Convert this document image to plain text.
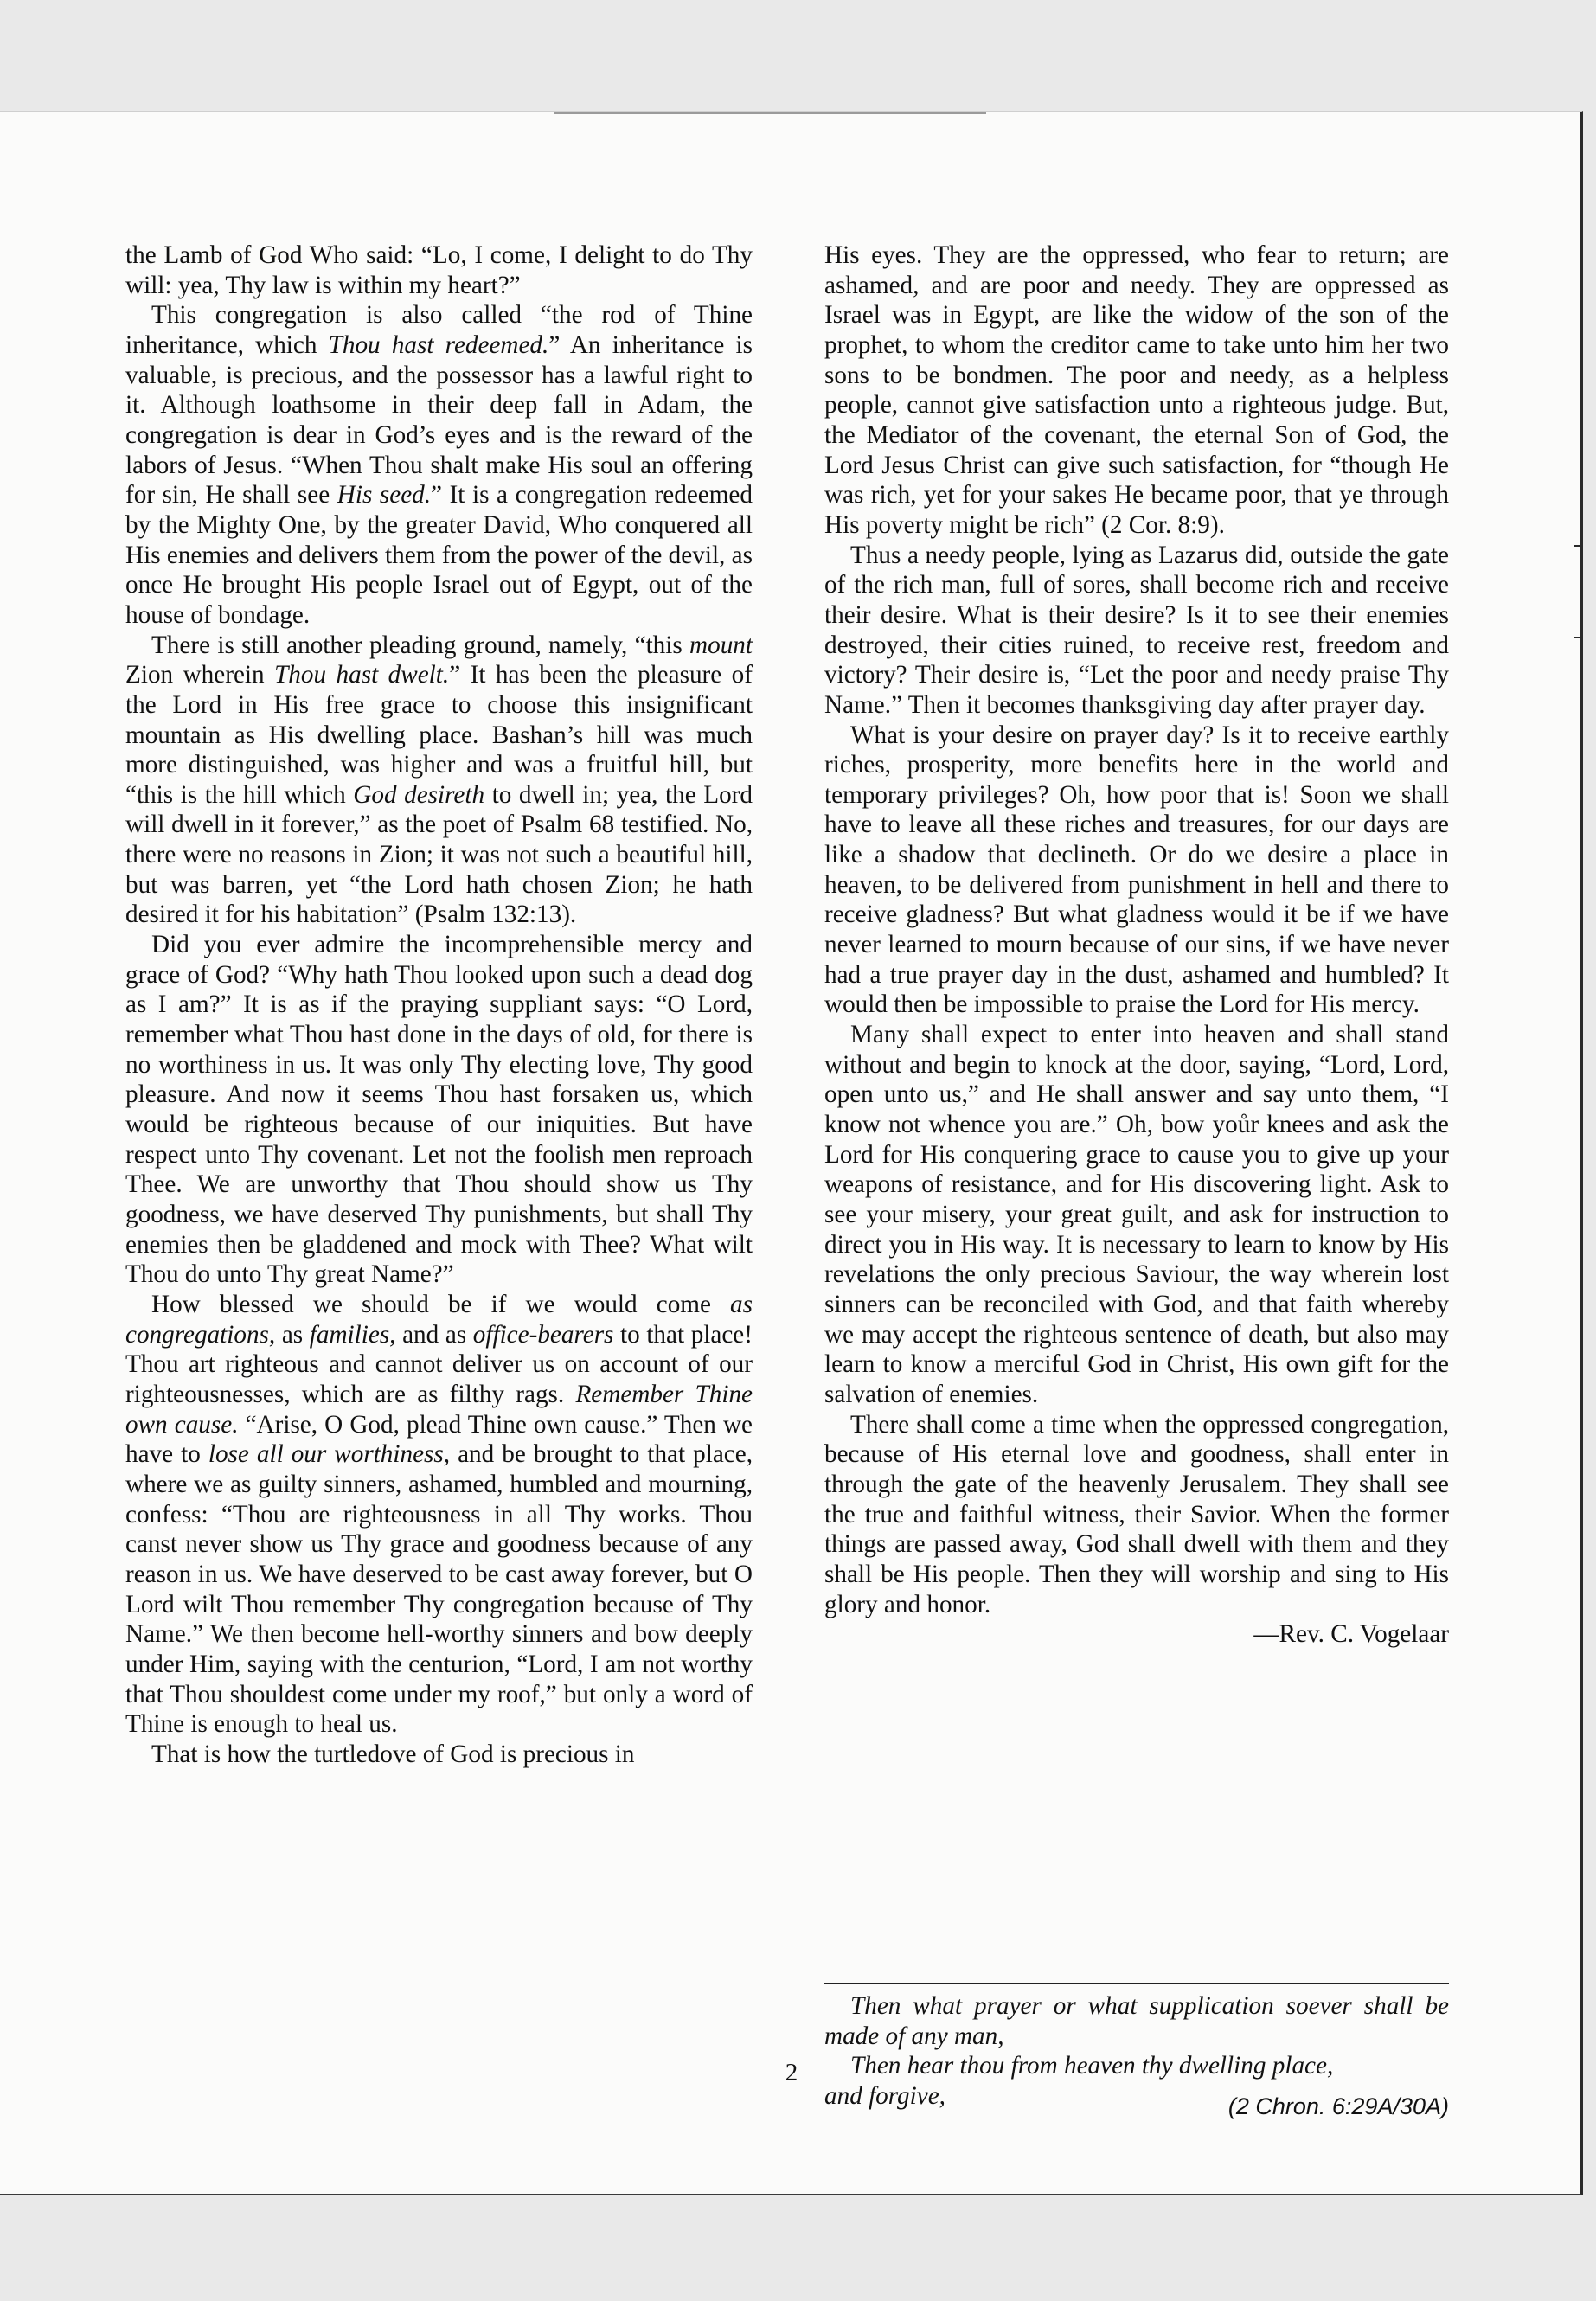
the Lamb of God Who said: “Lo, I come, I delight to do Thy will: yea, Thy law is within my heart?”

This congregation is also called “the rod of Thine inheritance, which Thou hast redeemed.” An inheritance is valuable, is precious, and the possessor has a lawful right to it. Although loathsome in their deep fall in Adam, the congregation is dear in God’s eyes and is the reward of the labors of Jesus. “When Thou shalt make His soul an offering for sin, He shall see His seed.” It is a congregation redeemed by the Mighty One, by the greater David, Who conquered all His enemies and delivers them from the power of the devil, as once He brought His people Israel out of Egypt, out of the house of bondage.

There is still another pleading ground, namely, “this mount Zion wherein Thou hast dwelt.” It has been the pleasure of the Lord in His free grace to choose this insignificant mountain as His dwelling place. Bashan’s hill was much more distinguished, was higher and was a fruitful hill, but “this is the hill which God desireth to dwell in; yea, the Lord will dwell in it forever,” as the poet of Psalm 68 testified. No, there were no reasons in Zion; it was not such a beautiful hill, but was barren, yet “the Lord hath chosen Zion; he hath desired it for his habitation” (Psalm 132:13).

Did you ever admire the incomprehensible mercy and grace of God? “Why hath Thou looked upon such a dead dog as I am?” It is as if the praying suppliant says: “O Lord, remember what Thou hast done in the days of old, for there is no worthiness in us. It was only Thy electing love, Thy good pleasure. And now it seems Thou hast forsaken us, which would be righteous because of our iniquities. But have respect unto Thy covenant. Let not the foolish men reproach Thee. We are unworthy that Thou should show us Thy goodness, we have deserved Thy punishments, but shall Thy enemies then be gladdened and mock with Thee? What wilt Thou do unto Thy great Name?”

How blessed we should be if we would come as congregations, as families, and as office-bearers to that place! Thou art righteous and cannot deliver us on account of our righteousnesses, which are as filthy rags. Remember Thine own cause. “Arise, O God, plead Thine own cause.” Then we have to lose all our worthiness, and be brought to that place, where we as guilty sinners, ashamed, humbled and mourning, confess: “Thou are righteousness in all Thy works. Thou canst never show us Thy grace and goodness because of any reason in us. We have deserved to be cast away forever, but O Lord wilt Thou remember Thy congregation because of Thy Name.” We then become hell-worthy sinners and bow deeply under Him, saying with the centurion, “Lord, I am not worthy that Thou shouldest come under my roof,” but only a word of Thine is enough to heal us.

That is how the turtledove of God is precious in

His eyes. They are the oppressed, who fear to return; are ashamed, and are poor and needy. They are oppressed as Israel was in Egypt, are like the widow of the son of the prophet, to whom the creditor came to take unto him her two sons to be bondmen. The poor and needy, as a helpless people, cannot give satisfaction unto a righteous judge. But, the Mediator of the covenant, the eternal Son of God, the Lord Jesus Christ can give such satisfaction, for “though He was rich, yet for your sakes He became poor, that ye through His poverty might be rich” (2 Cor. 8:9).

Thus a needy people, lying as Lazarus did, outside the gate of the rich man, full of sores, shall become rich and receive their desire. What is their desire? Is it to see their enemies destroyed, their cities ruined, to receive rest, freedom and victory? Their desire is, “Let the poor and needy praise Thy Name.” Then it becomes thanksgiving day after prayer day.

What is your desire on prayer day? Is it to receive earthly riches, prosperity, more benefits here in the world and temporary privileges? Oh, how poor that is! Soon we shall have to leave all these riches and treasures, for our days are like a shadow that declineth. Or do we desire a place in heaven, to be delivered from punishment in hell and there to receive gladness? But what gladness would it be if we have never learned to mourn because of our sins, if we have never had a true prayer day in the dust, ashamed and humbled? It would then be impossible to praise the Lord for His mercy.

Many shall expect to enter into heaven and shall stand without and begin to knock at the door, saying, “Lord, Lord, open unto us,” and He shall answer and say unto them, “I know not whence you are.” Oh, bow yoůr knees and ask the Lord for His conquering grace to cause you to give up your weapons of resistance, and for His discovering light. Ask to see your misery, your great guilt, and ask for instruction to direct you in His way. It is necessary to learn to know by His revelations the only precious Saviour, the way wherein lost sinners can be reconciled with God, and that faith whereby we may accept the righteous sentence of death, but also may learn to know a merciful God in Christ, His own gift for the salvation of enemies.

There shall come a time when the oppressed congregation, because of His eternal love and goodness, shall enter in through the gate of the heavenly Jerusalem. They shall see the true and faithful witness, their Savior. When the former things are passed away, God shall dwell with them and they shall be His people. Then they will worship and sing to His glory and honor.
—Rev. C. Vogelaar

Then what prayer or what supplication soever shall be made of any man,

Then hear thou from heaven thy dwelling place,

and forgive,	(2 Chron. 6:29A/30A)

2
